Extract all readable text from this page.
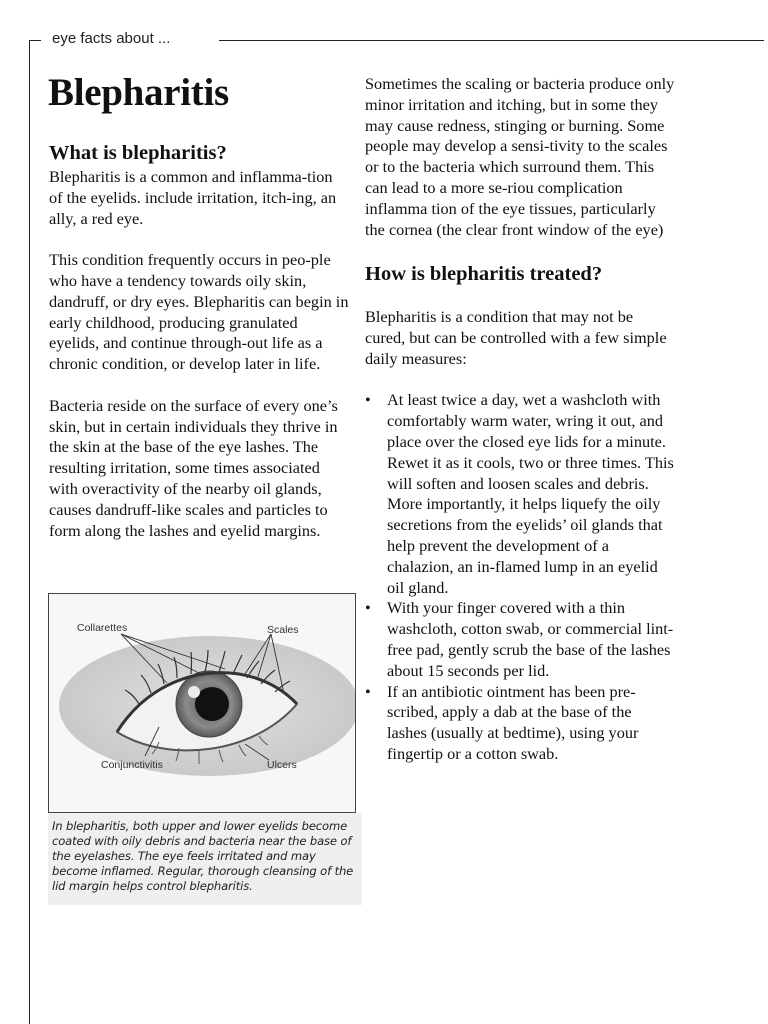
eye facts about ...
Blepharitis
What is blepharitis?

Blepharitis is a common and inflamma-tion of the eyelids. include irritation, itch-ing, an ally, a red eye.

This condition frequently occurs in peo-ple who have a tendency towards oily skin, dandruff, or dry eyes. Blepharitis can begin in early childhood, producing granulated eyelids, and continue through-out life as a chronic condition, or develop later in life.

Bacteria reside on the surface of every one’s skin, but in certain individuals they thrive in the skin at the base of the eye lashes. The resulting irritation, some times associated with overactivity of the nearby oil glands, causes dandruff-like scales and particles to form along the lashes and eyelid margins.

Collarettes	Scales
Conjunctivitis	Ulcers
In blepharitis, both upper and lower eyelids become coated with oily debris and bacteria near the base of the eyelashes. The eye feels irritated and may become inflamed. Regular, thorough cleansing of the lid margin helps control blepharitis.

Sometimes the scaling or bacteria produce only minor irritation and itching, but in some they may cause redness, stinging or burning. Some people may develop a sensi-tivity to the scales or to the bacteria which surround them. This can lead to a more se-riou complication inflamma tion of the eye tissues, particularly the cornea (the clear front window of the eye)

How is blepharitis treated?

Blepharitis is a condition that may not be cured, but can be controlled with a few simple daily measures:

• At least twice a day, wet a washcloth with comfortably warm water, wring it out, and place over the closed eye lids for a minute. Rewet it as it cools, two or three times. This will soften and loosen scales and debris. More importantly, it helps liquefy the oily secretions from the eyelids’ oil glands that help prevent the development of a chalazion, an in-flamed lump in an eyelid oil gland.
• With your finger covered with a thin washcloth, cotton swab, or commercial lint-free pad, gently scrub the base of the lashes about 15 seconds per lid.
• If an antibiotic ointment has been pre-scribed, apply a dab at the base of the lashes (usually at bedtime), using your fingertip or a cotton swab.
